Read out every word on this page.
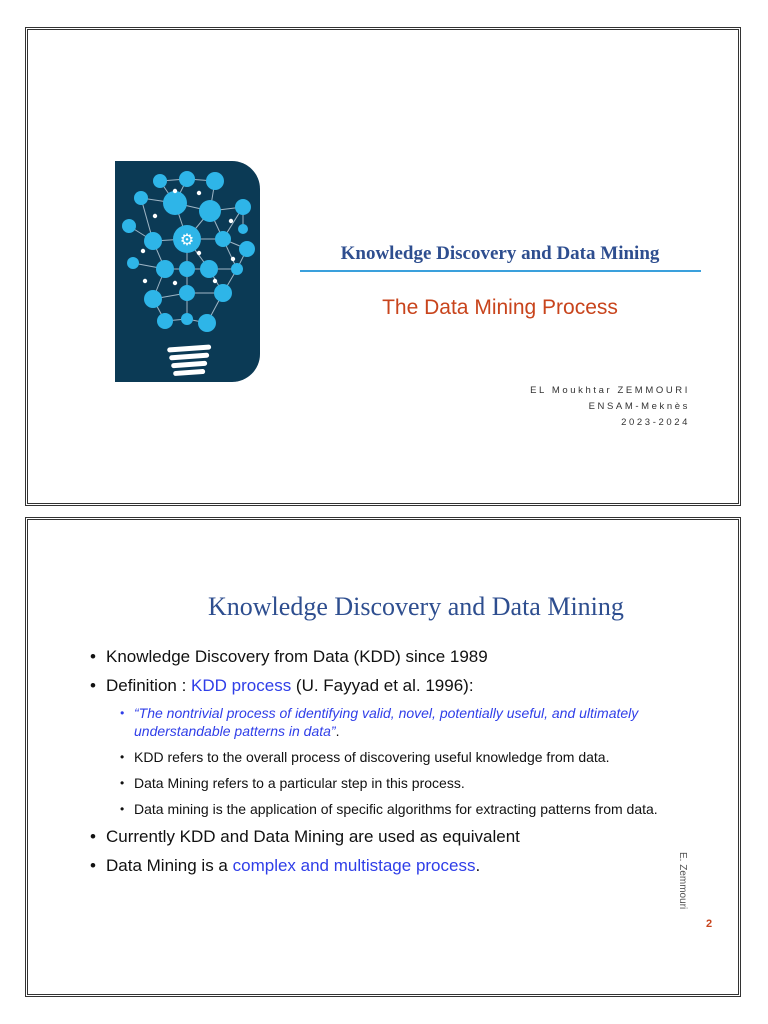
⚙
Knowledge Discovery and Data Mining
The Data Mining Process
EL Moukhtar ZEMMOURI
ENSAM-Meknès
2023-2024
Knowledge Discovery and Data Mining
• Knowledge Discovery from Data (KDD) since 1989
• Definition : KDD process (U. Fayyad et al. 1996):
• “The nontrivial process of identifying valid, novel, potentially useful, and ultimately understandable patterns in data”.
• KDD refers to the overall process of discovering useful knowledge from data.
• Data Mining refers to a particular step in this process.
• Data mining is the application of specific algorithms for extracting patterns from data.
• Currently KDD and Data Mining are used as equivalent
• Data Mining is a complex and multistage process.	E. Zemmouri
2
